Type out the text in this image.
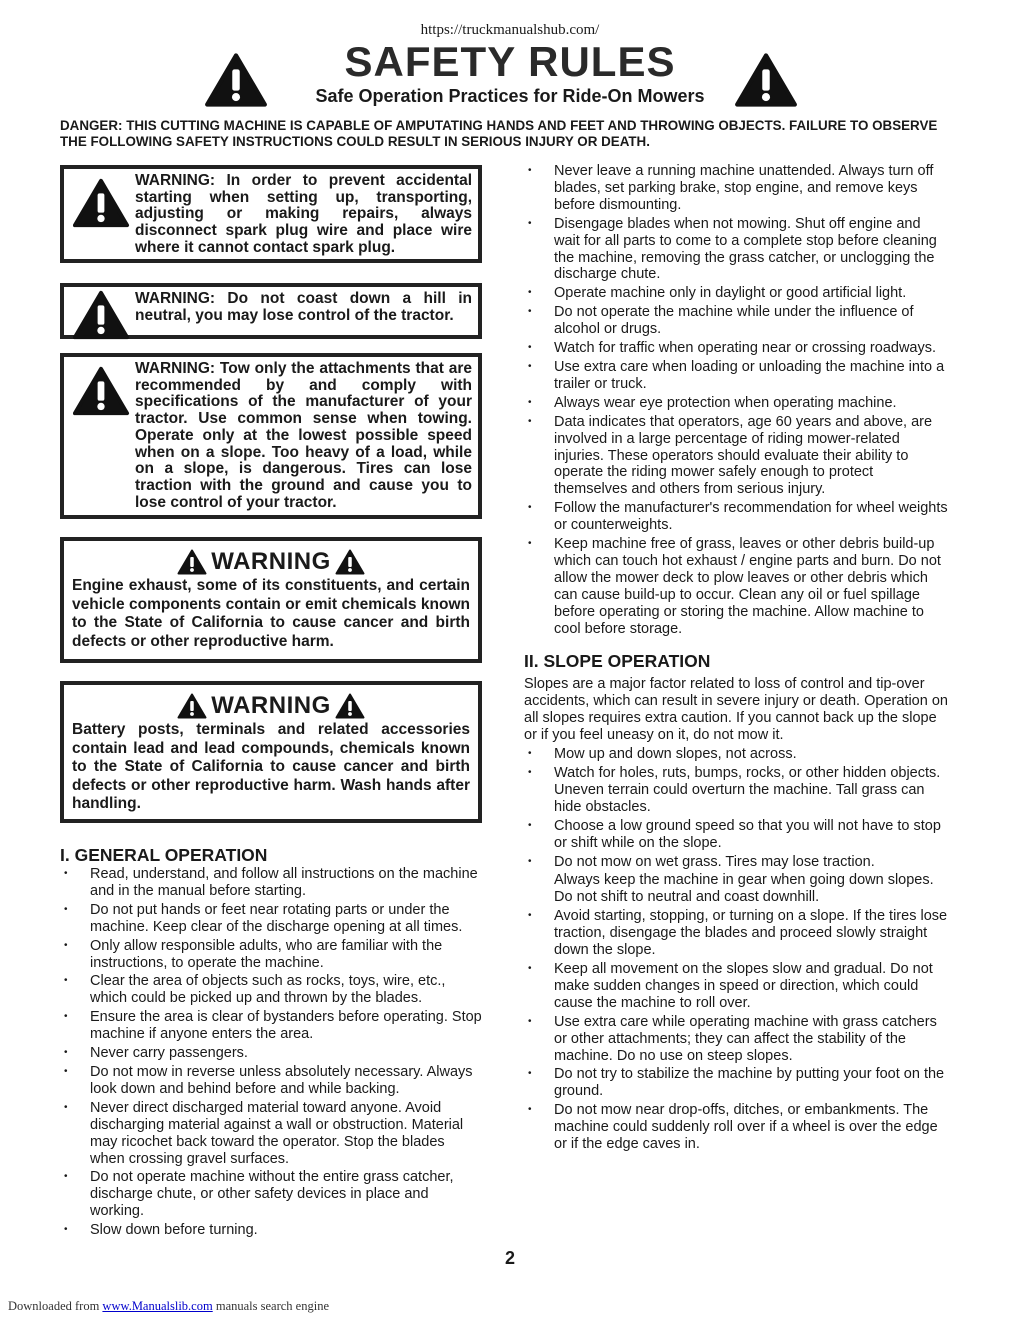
https://truckmanualshub.com/
SAFETY RULES
Safe Operation Practices for Ride-On Mowers
DANGER: THIS CUTTING MACHINE IS CAPABLE OF AMPUTATING HANDS AND FEET AND THROWING OBJECTS. FAILURE TO OBSERVE THE FOLLOWING SAFETY INSTRUCTIONS COULD RESULT IN SERIOUS INJURY OR DEATH.
WARNING: In order to prevent accidental starting when setting up, transporting, adjusting or making repairs, always disconnect spark plug wire and place wire where it cannot contact spark plug.
WARNING: Do not coast down a hill in neutral, you may lose control of the tractor.
WARNING: Tow only the attachments that are recommended by and comply with specifications of the manufacturer of your tractor. Use common sense when towing. Operate only at the lowest possible speed when on a slope. Too heavy of a load, while on a slope, is dangerous. Tires can lose traction with the ground and cause you to lose control of your tractor.
WARNING
Engine exhaust, some of its constituents, and certain vehicle components contain or emit chemicals known to the State of California to cause cancer and birth defects or other reproductive harm.
WARNING
Battery posts, terminals and related accessories contain lead and lead compounds, chemicals known to the State of California to cause cancer and birth defects or other reproductive harm. Wash hands after handling.
I. GENERAL OPERATION
• Read, understand, and follow all instructions on the machine and in the manual before starting.
• Do not put hands or feet near rotating parts or under the machine. Keep clear of the discharge opening at all times.
• Only allow responsible adults, who are familiar with the instructions, to operate the machine.
• Clear the area of objects such as rocks, toys, wire, etc., which could be picked up and thrown by the blades.
• Ensure the area is clear of bystanders before operating. Stop machine if anyone enters the area.
• Never carry passengers.
• Do not mow in reverse unless absolutely necessary. Always look down and behind before and while backing.
• Never direct discharged material toward anyone. Avoid discharging material against a wall or obstruction. Material may ricochet back toward the operator. Stop the blades when crossing gravel surfaces.
• Do not operate machine without the entire grass catcher, discharge chute, or other safety devices in place and working.
• Slow down before turning.
• Never leave a running machine unattended. Always turn off blades, set parking brake, stop engine, and remove keys before dismounting.
• Disengage blades when not mowing. Shut off engine and wait for all parts to come to a complete stop before cleaning the machine, removing the grass catcher, or unclogging the discharge chute.
• Operate machine only in daylight or good artificial light.
• Do not operate the machine while under the influence of alcohol or drugs.
• Watch for traffic when operating near or crossing roadways.
• Use extra care when loading or unloading the machine into a trailer or truck.
• Always wear eye protection when operating machine.
• Data indicates that operators, age 60 years and above, are involved in a large percentage of riding mower-related injuries. These operators should evaluate their ability to operate the riding mower safely enough to protect themselves and others from serious injury.
• Follow the manufacturer's recommendation for wheel weights or counterweights.
• Keep machine free of grass, leaves or other debris build-up which can touch hot exhaust / engine parts and burn. Do not allow the mower deck to plow leaves or other debris which can cause build-up to occur. Clean any oil or fuel spillage before operating or storing the machine. Allow machine to cool before storage.
II. SLOPE OPERATION

Slopes are a major factor related to loss of control and tip-over accidents, which can result in severe injury or death. Operation on all slopes requires extra caution. If you cannot back up the slope or if you feel uneasy on it, do not mow it.

• Mow up and down slopes, not across.
• Watch for holes, ruts, bumps, rocks, or other hidden objects. Uneven terrain could overturn the machine. Tall grass can hide obstacles.
• Choose a low ground speed so that you will not have to stop or shift while on the slope.
• Do not mow on wet grass. Tires may lose traction.
Always keep the machine in gear when going down slopes. Do not shift to neutral and coast downhill.
• Avoid starting, stopping, or turning on a slope. If the tires lose traction, disengage the blades and proceed slowly straight down the slope.
• Keep all movement on the slopes slow and gradual. Do not make sudden changes in speed or direction, which could cause the machine to roll over.
• Use extra care while operating machine with grass catchers or other attachments; they can affect the stability of the machine. Do no use on steep slopes.
• Do not try to stabilize the machine by putting your foot on the ground.
• Do not mow near drop-offs, ditches, or embankments. The machine could suddenly roll over if a wheel is over the edge or if the edge caves in.
2
Downloaded from www.Manualslib.com manuals search engine
